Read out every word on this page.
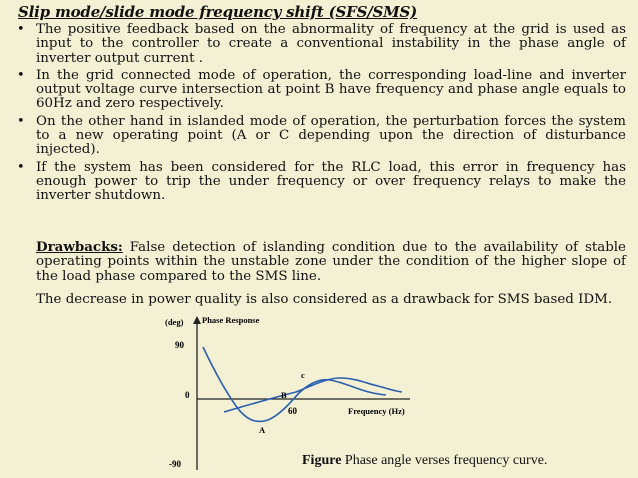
Slip mode/slide mode frequency shift (SFS/SMS)
• The positive feedback based on the abnormality of frequency at the grid is used as input to the controller to create a conventional instability in the phase angle of inverter output current .
• In the grid connected mode of operation, the corresponding load-line and inverter output voltage curve intersection at point B have frequency and phase angle equals to 60Hz and zero respectively.
• On the other hand in islanded mode of operation, the perturbation forces the system to a new operating point (A or C depending upon the direction of disturbance injected).
• If the system has been considered for the RLC load, this error in frequency has enough power to trip the under frequency or over frequency relays to make the inverter shutdown.
Drawbacks: False detection of islanding condition due to the availability of stable operating points within the unstable zone under the condition of the higher slope of the load phase compared to the SMS line.
The decrease in power quality is also considered as a drawback for SMS based IDM.
(deg) Phase Response
90
0
-90
60	Frequency (Hz)
A
B
c
Figure Phase angle verses frequency curve.
